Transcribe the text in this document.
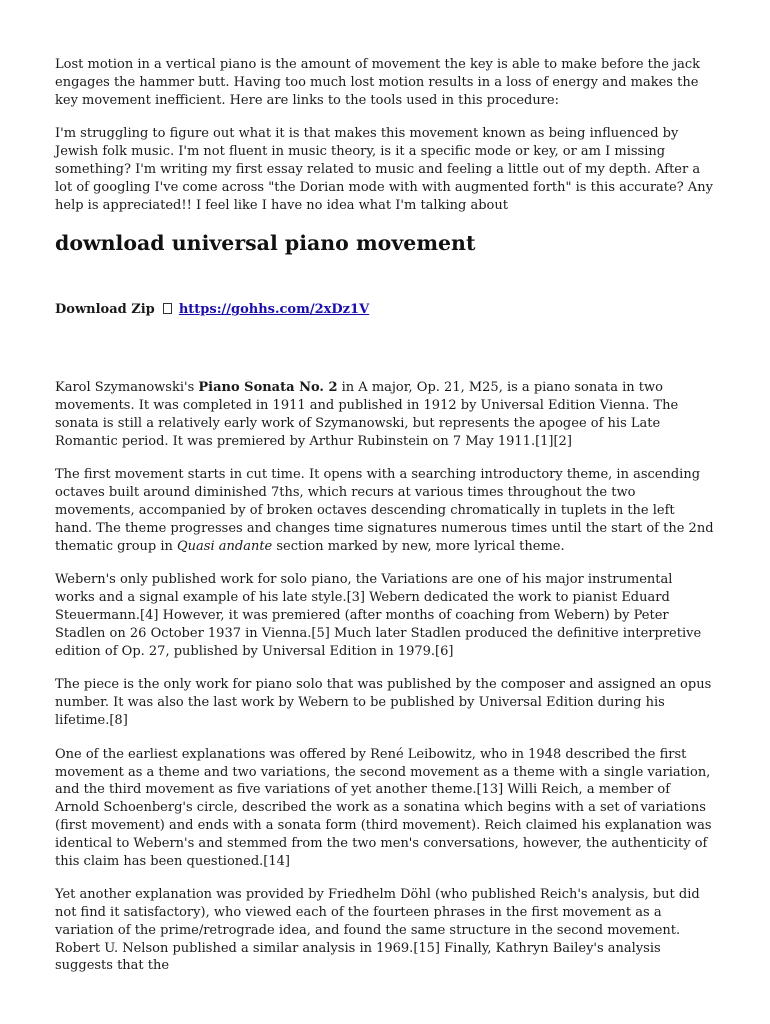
Lost motion in a vertical piano is the amount of movement the key is able to make before the jack engages the hammer butt. Having too much lost motion results in a loss of energy and makes the key movement inefficient. Here are links to the tools used in this procedure:

I'm struggling to figure out what it is that makes this movement known as being influenced by Jewish folk music. I'm not fluent in music theory, is it a specific mode or key, or am I missing something? I'm writing my first essay related to music and feeling a little out of my depth. After a lot of googling I've come across "the Dorian mode with with augmented forth" is this accurate? Any help is appreciated!! I feel like I have no idea what I'm talking about

download universal piano movement
Download Zip https://gohhs.com/2xDz1V

Karol Szymanowski's Piano Sonata No. 2 in A major, Op. 21, M25, is a piano sonata in two movements. It was completed in 1911 and published in 1912 by Universal Edition Vienna. The sonata is still a relatively early work of Szymanowski, but represents the apogee of his Late Romantic period. It was premiered by Arthur Rubinstein on 7 May 1911.[1][2]

The first movement starts in cut time. It opens with a searching introductory theme, in ascending octaves built around diminished 7ths, which recurs at various times throughout the two movements, accompanied by of broken octaves descending chromatically in tuplets in the left hand. The theme progresses and changes time signatures numerous times until the start of the 2nd thematic group in Quasi andante section marked by new, more lyrical theme.

Webern's only published work for solo piano, the Variations are one of his major instrumental works and a signal example of his late style.[3] Webern dedicated the work to pianist Eduard Steuermann.[4] However, it was premiered (after months of coaching from Webern) by Peter Stadlen on 26 October 1937 in Vienna.[5] Much later Stadlen produced the definitive interpretive edition of Op. 27, published by Universal Edition in 1979.[6]

The piece is the only work for piano solo that was published by the composer and assigned an opus number. It was also the last work by Webern to be published by Universal Edition during his lifetime.[8]

One of the earliest explanations was offered by René Leibowitz, who in 1948 described the first movement as a theme and two variations, the second movement as a theme with a single variation, and the third movement as five variations of yet another theme.[13] Willi Reich, a member of Arnold Schoenberg's circle, described the work as a sonatina which begins with a set of variations (first movement) and ends with a sonata form (third movement). Reich claimed his explanation was identical to Webern's and stemmed from the two men's conversations, however, the authenticity of this claim has been questioned.[14]

Yet another explanation was provided by Friedhelm Döhl (who published Reich's analysis, but did not find it satisfactory), who viewed each of the fourteen phrases in the first movement as a variation of the prime/retrograde idea, and found the same structure in the second movement. Robert U. Nelson published a similar analysis in 1969.[15] Finally, Kathryn Bailey's analysis suggests that the
